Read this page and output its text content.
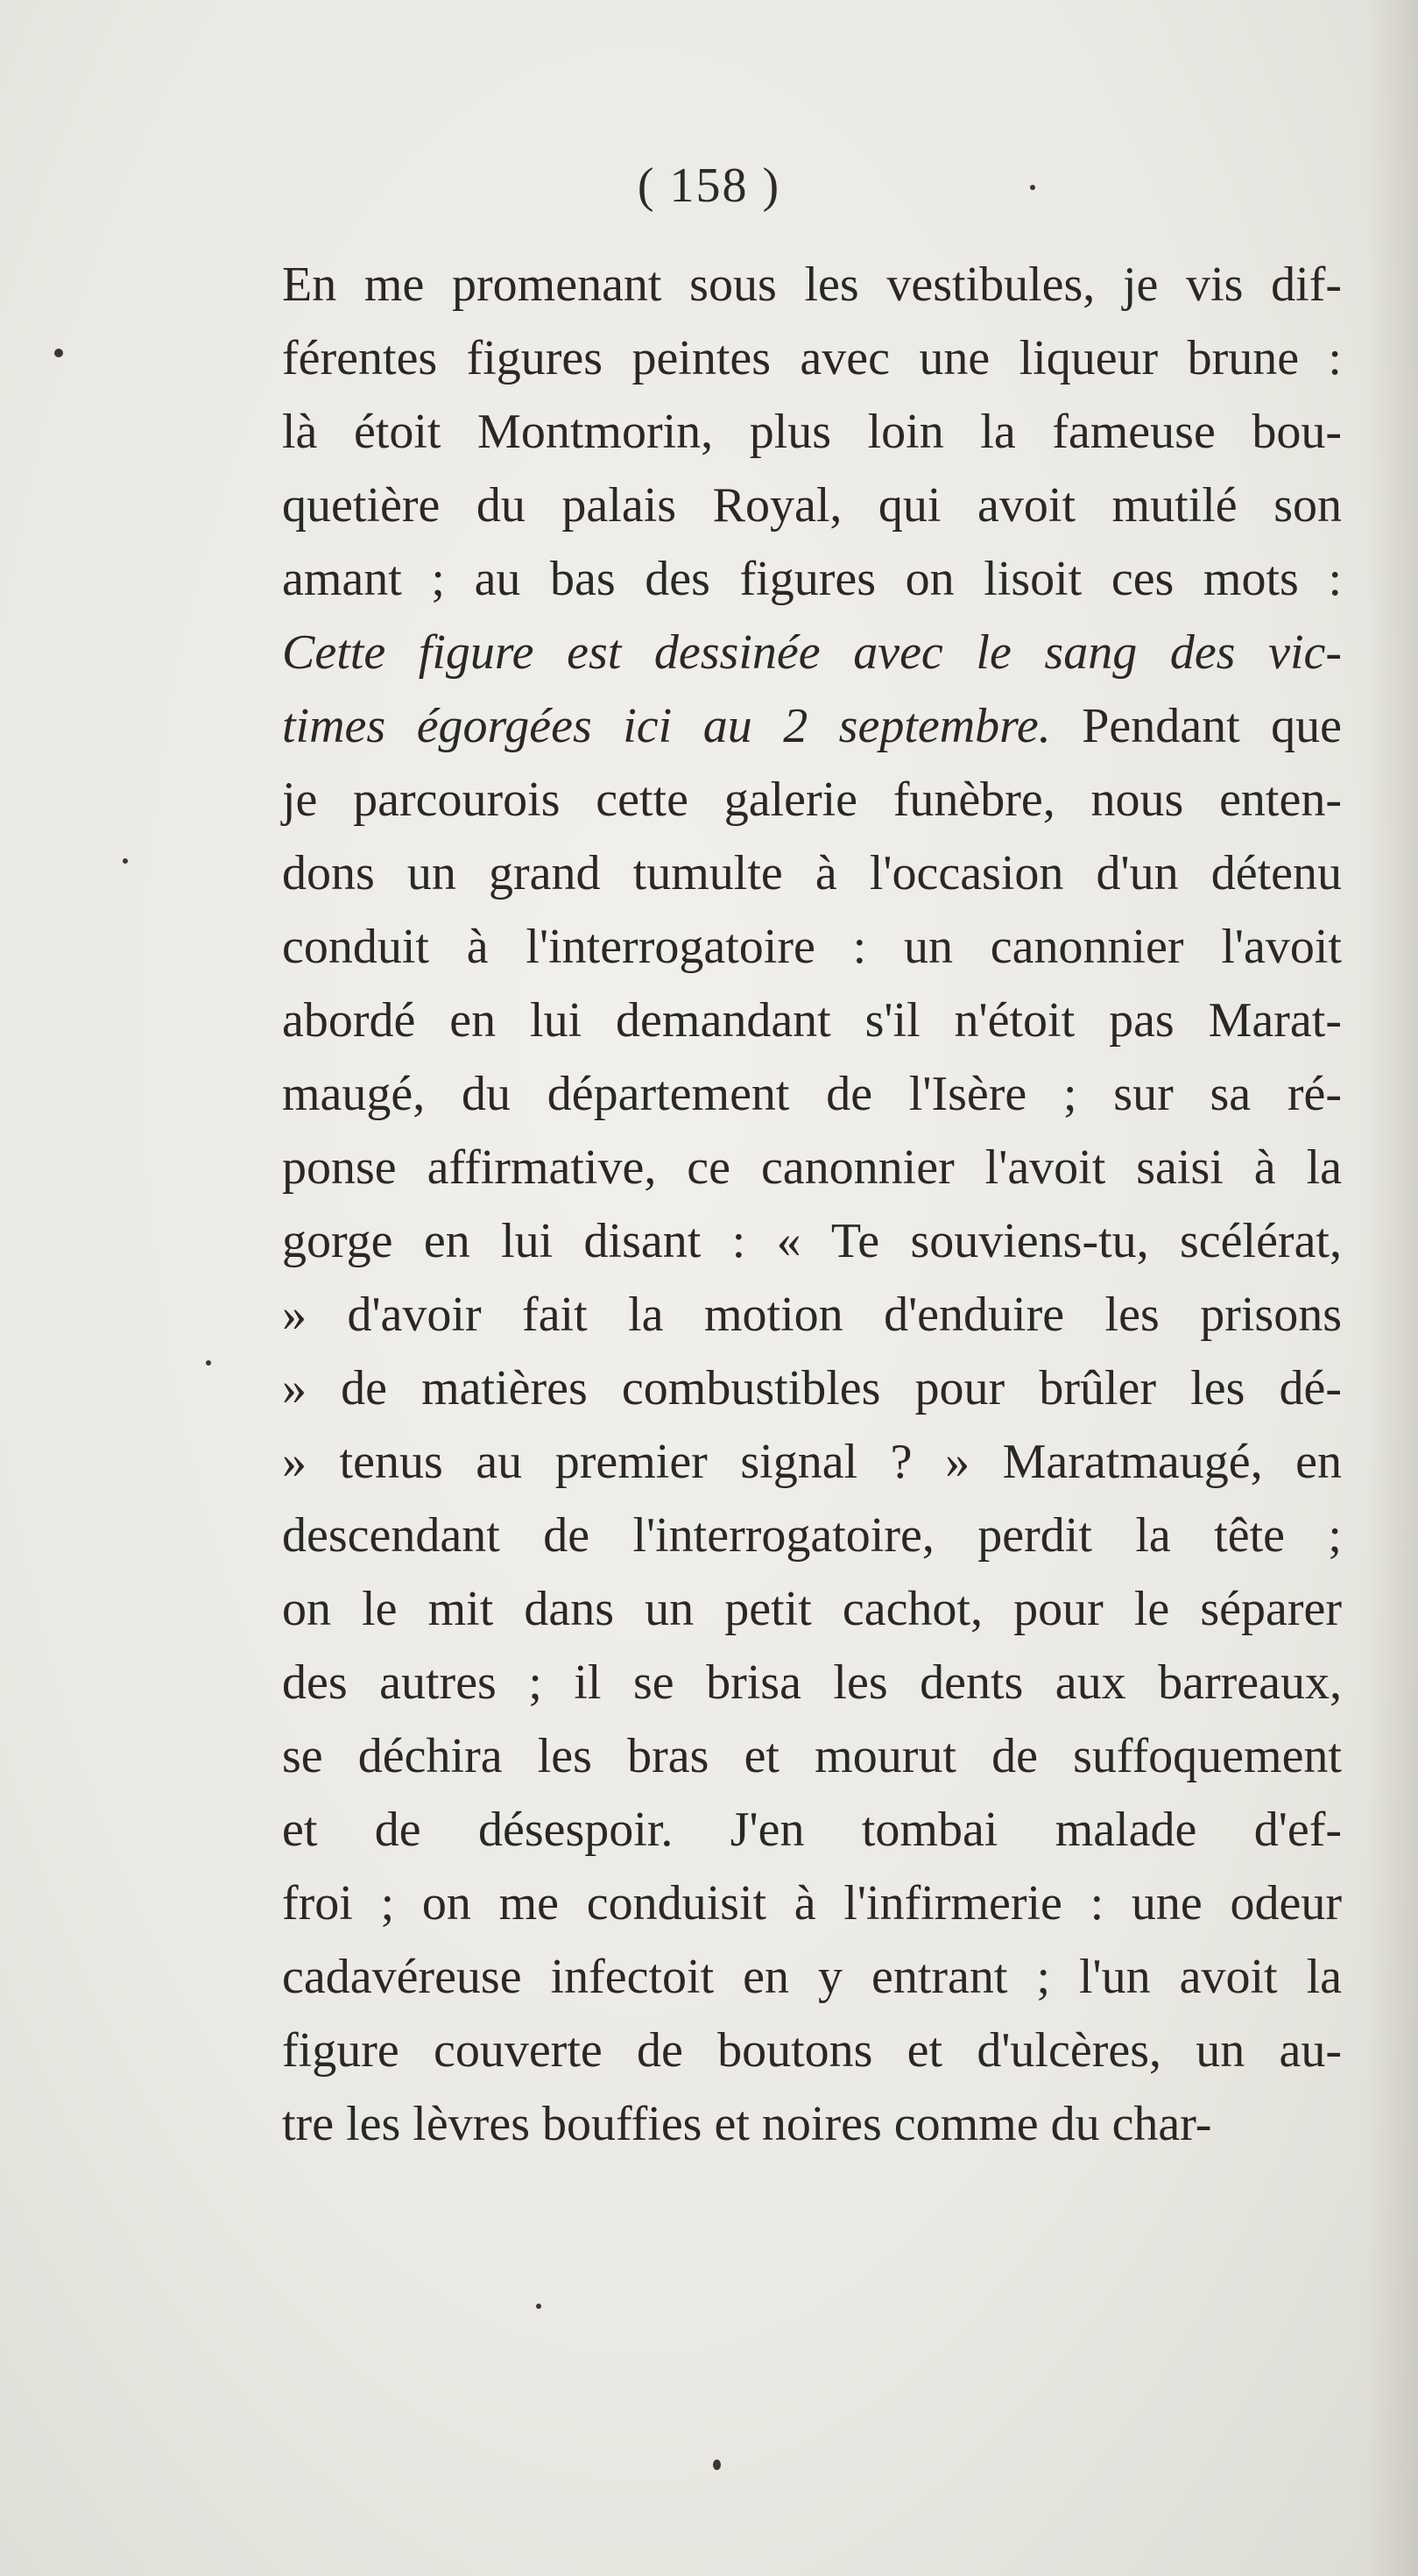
( 158 )
En me promenant sous les vestibules, je vis dif-
férentes figures peintes avec une liqueur brune :
là étoit Montmorin, plus loin la fameuse bou-
quetière du palais Royal, qui avoit mutilé son
amant ; au bas des figures on lisoit ces mots :
Cette figure est dessinée avec le sang des vic-
times égorgées ici au 2 septembre. Pendant que
je parcourois cette galerie funèbre, nous enten-
dons un grand tumulte à l'occasion d'un détenu
conduit à l'interrogatoire : un canonnier l'avoit
abordé en lui demandant s'il n'étoit pas Marat-
maugé, du département de l'Isère ; sur sa ré-
ponse affirmative, ce canonnier l'avoit saisi à la
gorge en lui disant : « Te souviens-tu, scélérat,
» d'avoir fait la motion d'enduire les prisons
» de matières combustibles pour brûler les dé-
» tenus au premier signal ? » Maratmaugé, en
descendant de l'interrogatoire, perdit la tête ;
on le mit dans un petit cachot, pour le séparer
des autres ; il se brisa les dents aux barreaux,
se déchira les bras et mourut de suffoquement
et de désespoir. J'en tombai malade d'ef-
froi ; on me conduisit à l'infirmerie : une odeur
cadavéreuse infectoit en y entrant ; l'un avoit la
figure couverte de boutons et d'ulcères, un au-
tre les lèvres bouffies et noires comme du char-
